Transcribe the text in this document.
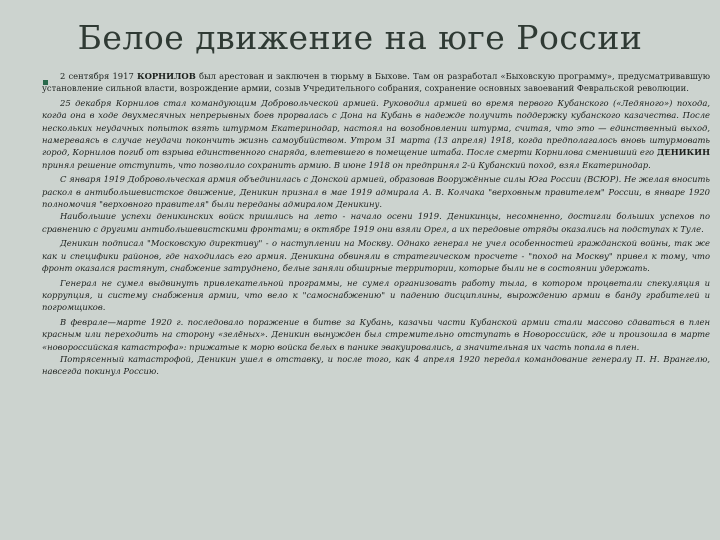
Белое движение на юге России

2 сентября 1917 КОРНИЛОВ был арестован и заключен в тюрьму в Быхове. Там он разработал «Быховскую программу», предусматривавшую установление сильной власти, возрождение армии, созыв Учредительного собрания, сохранение основных завоеваний Февральской революции.

25 декабря Корнилов стал командующим Добровольческой армией. Руководил армией во время первого Кубанского («Ледяного») похода, когда она в ходе двухмесячных непрерывных боев прорвалась с Дона на Кубань в надежде получить поддержку кубанского казачества. После нескольких неудачных попыток взять штурмом Екатеринодар, настоял на возобновлении штурма, считая, что это — единственный выход, намереваясь в случае неудачи покончить жизнь самоубийством. Утром 31 марта (13 апреля) 1918, когда предполагалось вновь штурмовать город, Корнилов погиб от взрыва единственного снаряда, влетевшего в помещение штаба. После смерти Корнилова сменивший его ДЕНИКИН принял решение отступить, что позволило сохранить армию. В июне 1918 он предпринял 2-й Кубанский поход, взял Екатеринодар.

С января 1919 Добровольческая армия объединилась с Донской армией, образовав Вооружённые силы Юга России (ВСЮР). Не желая вносить раскол в антибольшевистское движение, Деникин признал в мае 1919 адмирала А. В. Колчака "верховным правителем" России, в январе 1920 полномочия "верховного правителя" были переданы адмиралом Деникину.

Наибольшие успехи деникинских войск пришлись на лето - начало осени 1919. Деникинцы, несомненно, достигли больших успехов по сравнению с другими антибольшевистскими фронтами; в октябре 1919 они взяли Орел, а их передовые отряды оказались на подступах к Туле.

Деникин подписал "Московскую директиву" - о наступлении на Москву. Однако генерал не учел особенностей гражданской войны, так же как и специфики районов, где находилась его армия. Деникина обвиняли в стратегическом просчете - "поход на Москву" привел к тому, что фронт оказался растянут, снабжение затруднено, белые заняли обширные территории, которые были не в состоянии удержать.

Генерал не сумел выдвинуть привлекательной программы, не сумел организовать работу тыла, в котором процветали спекуляция и коррупция, и систему снабжения армии, что вело к "самоснабжению" и падению дисциплины, вырождению армии в банду грабителей и погромщиков.

В феврале—марте 1920 г. последовало поражение в битве за Кубань, казачьи части Кубанской армии стали массово сдаваться в плен красным или переходить на сторону «зелёных». Деникин вынужден был стремительно отступать в Новороссийск, где и произошла в марте «новороссийская катастрофа»: прижатые к морю войска белых в панике эвакуировались, а значительная их часть попала в плен.

Потрясенный катастрофой, Деникин ушел в отставку, и после того, как 4 апреля 1920 передал командование генералу П. Н. Врангелю, навсегда покинул Россию.
